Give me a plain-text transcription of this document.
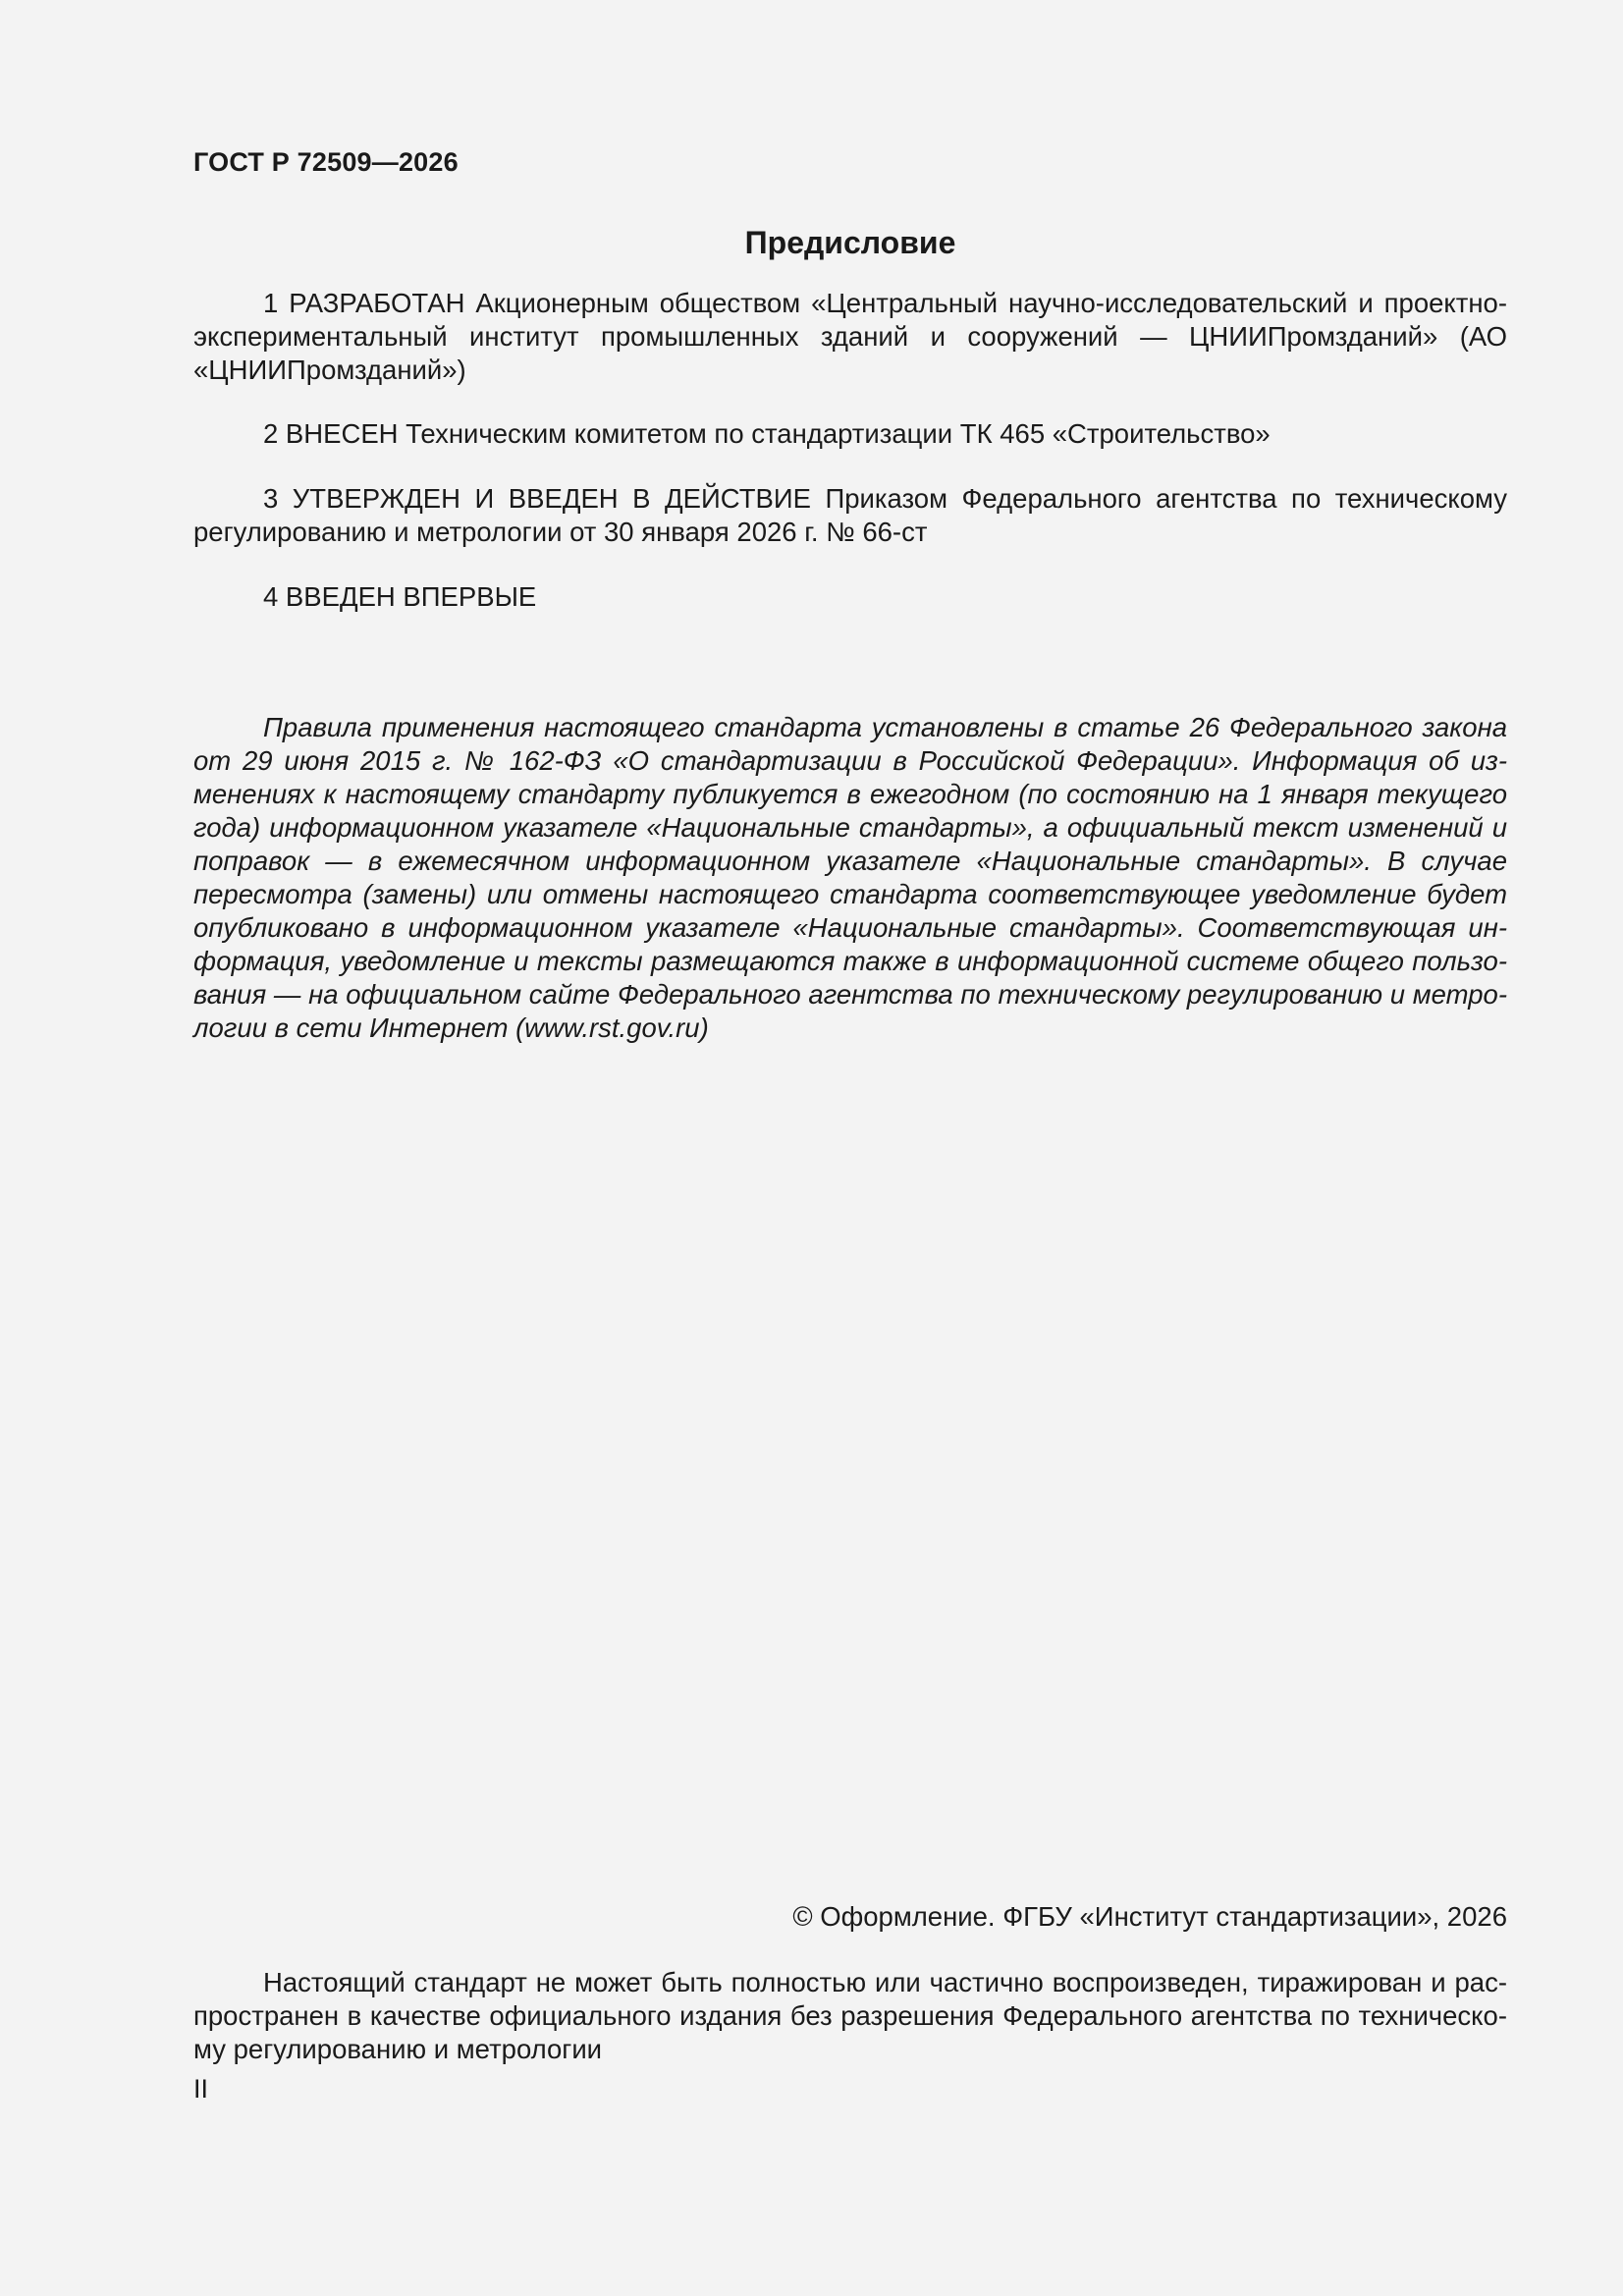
ГОСТ Р 72509—2026
Предисловие

1 РАЗРАБОТАН Акционерным обществом «Центральный научно-исследовательский и проектно-экспериментальный институт промышленных зданий и сооружений — ЦНИИПромзданий» (АО «ЦНИИПромзданий»)

2 ВНЕСЕН Техническим комитетом по стандартизации ТК 465 «Строительство»

3 УТВЕРЖДЕН И ВВЕДЕН В ДЕЙСТВИЕ Приказом Федерального агентства по техническому регулированию и метрологии от 30 января 2026 г. № 66-ст

4 ВВЕДЕН ВПЕРВЫЕ

Правила применения настоящего стандарта установлены в статье 26 Федерального закона от 29 июня 2015 г. № 162-ФЗ «О стандартизации в Российской Федерации». Информация об изменениях к настоящему стандарту публикуется в ежегодном (по состоянию на 1 января текущего года) информационном указателе «Национальные стандарты», а официальный текст изменений и поправок — в ежемесячном информационном указателе «Национальные стандарты». В случае пересмотра (замены) или отмены настоящего стандарта соответствующее уведомление будет опубликовано в информационном указателе «Национальные стандарты». Соответствующая информация, уведомление и тексты размещаются также в информационной системе общего пользования — на официальном сайте Федерального агентства по техническому регулированию и метрологии в сети Интернет (www.rst.gov.ru)

© Оформление. ФГБУ «Институт стандартизации», 2026

Настоящий стандарт не может быть полностью или частично воспроизведен, тиражирован и распространен в качестве официального издания без разрешения Федерального агентства по техническому регулированию и метрологии

II
